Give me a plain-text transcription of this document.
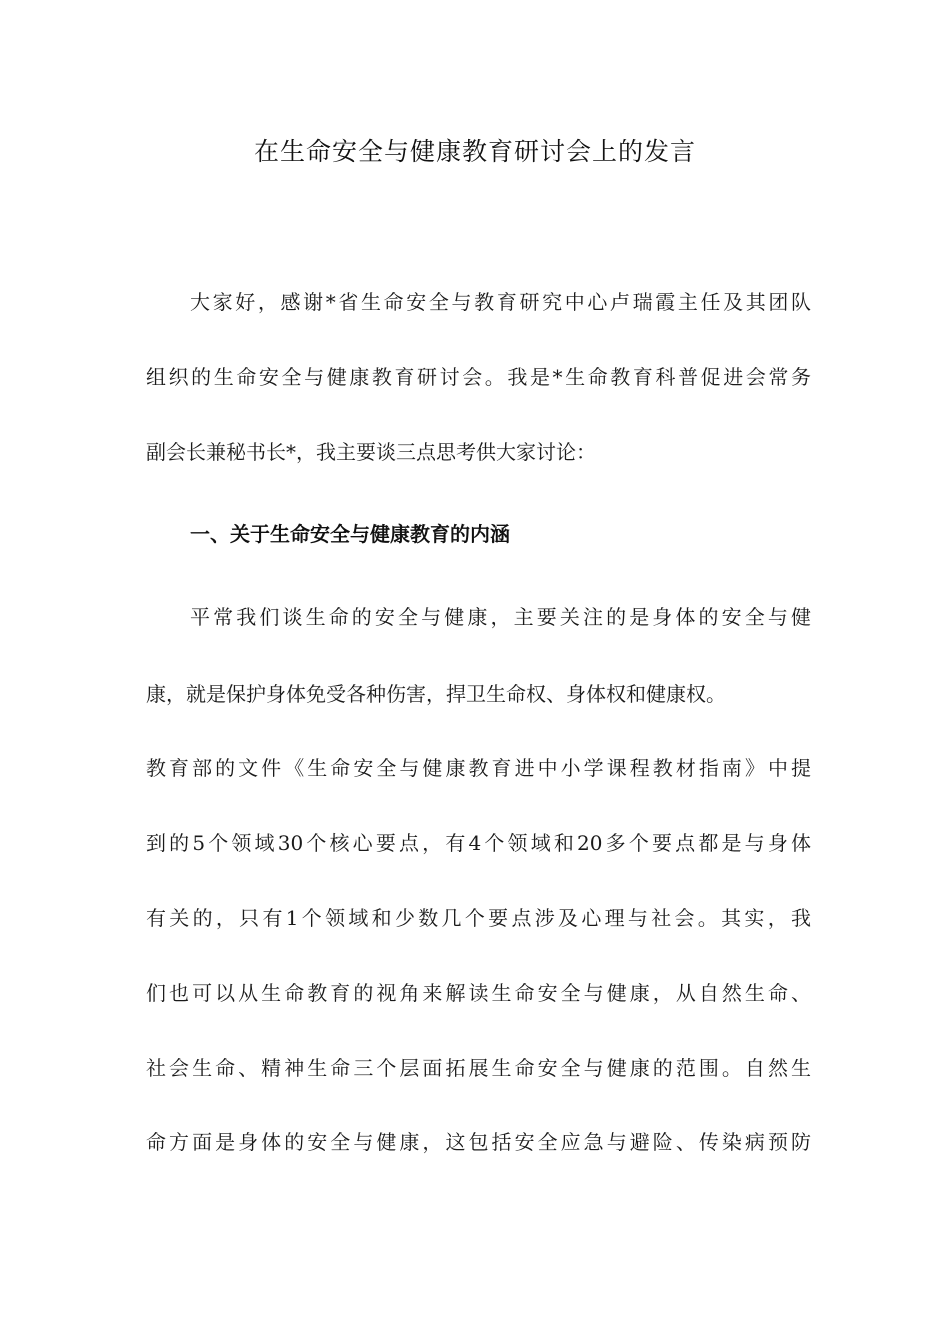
在生命安全与健康教育研讨会上的发言
大家好，感谢*省生命安全与教育研究中心卢瑞霞主任及其团队
组织的生命安全与健康教育研讨会。我是*生命教育科普促进会常务
副会长兼秘书长*，我主要谈三点思考供大家讨论：
一、关于生命安全与健康教育的内涵
平常我们谈生命的安全与健康，主要关注的是身体的安全与健
康，就是保护身体免受各种伤害，捍卫生命权、身体权和健康权。
教育部的文件《生命安全与健康教育进中小学课程教材指南》中提
到的5个领域30个核心要点，有4个领域和20多个要点都是与身体
有关的，只有1个领域和少数几个要点涉及心理与社会。其实，我
们也可以从生命教育的视角来解读生命安全与健康，从自然生命、
社会生命、精神生命三个层面拓展生命安全与健康的范围。自然生
命方面是身体的安全与健康，这包括安全应急与避险、传染病预防
